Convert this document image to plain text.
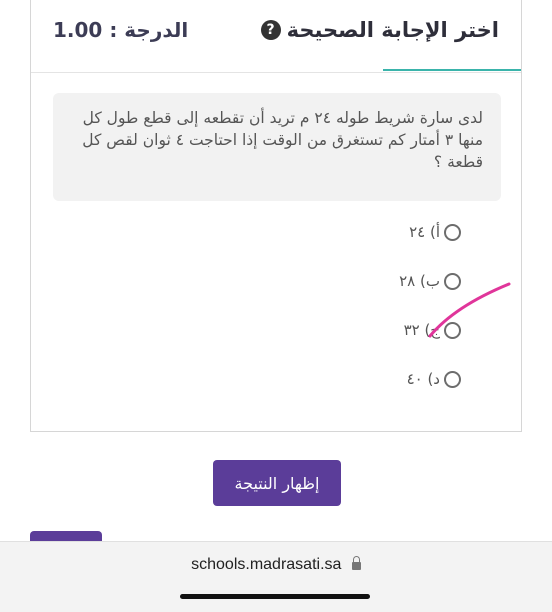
اختر الإجابة الصحيحة
?
الدرجة : 1.00
لدى سارة شريط طوله ٢٤ م تريد أن تقطعه إلى قطع طول كل منها ٣ أمتار كم تستغرق من الوقت إذا احتاجت ٤ ثوان لقص كل قطعة ؟
أ) ٢٤
ب) ٢٨
ج) ٣٢
د) ٤٠
إظهار النتيجة
schools.madrasati.sa
